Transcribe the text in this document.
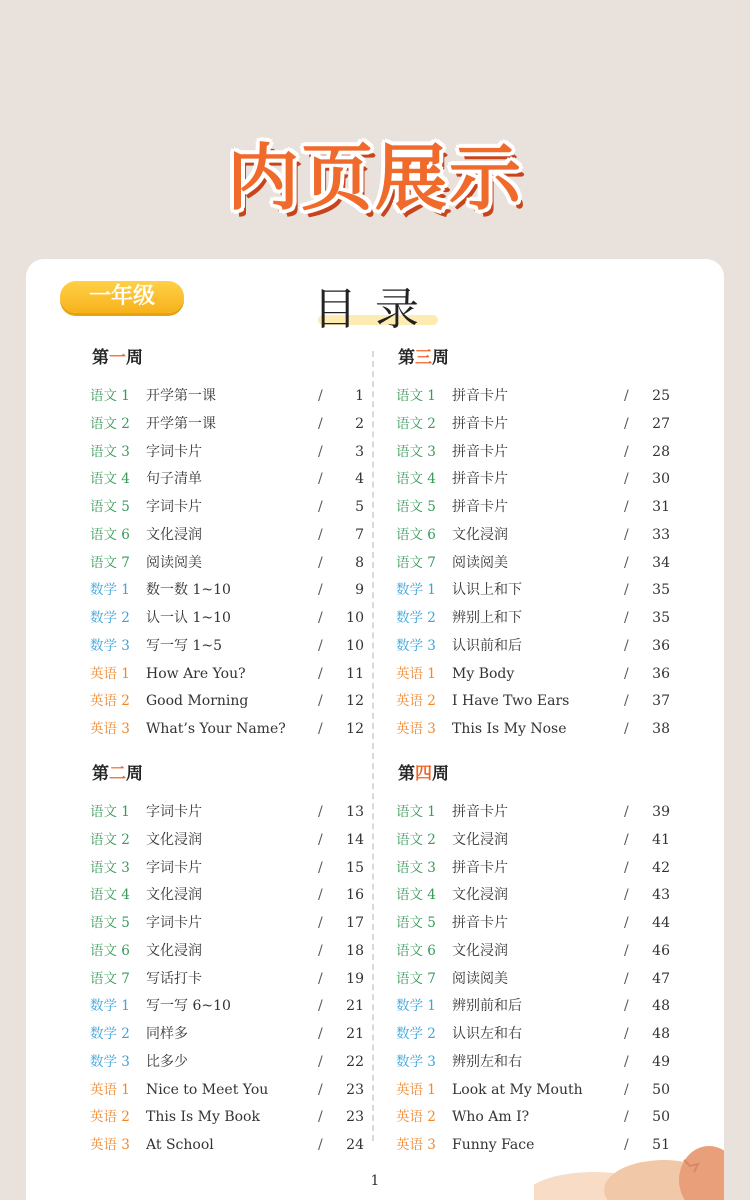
内页展示
一年级	目录
第一周
语文 1	开学第一课	/	1
语文 2	开学第一课	/	2
语文 3	字词卡片	/	3
语文 4	句子清单	/	4
语文 5	字词卡片	/	5
语文 6	文化浸润	/	7
语文 7	阅读阅美	/	8
数学 1	数一数 1~10	/	9
数学 2	认一认 1~10	/	10
数学 3	写一写 1~5	/	10
英语 1	How Are You?	/	11
英语 2	Good Morning	/	12
英语 3	What’s Your Name?	/	12
第二周
语文 1	字词卡片	/	13
语文 2	文化浸润	/	14
语文 3	字词卡片	/	15
语文 4	文化浸润	/	16
语文 5	字词卡片	/	17
语文 6	文化浸润	/	18
语文 7	写话打卡	/	19
数学 1	写一写 6~10	/	21
数学 2	同样多	/	21
数学 3	比多少	/	22
英语 1	Nice to Meet You	/	23
英语 2	This Is My Book	/	23
英语 3	At School	/	24
第三周
语文 1	拼音卡片	/	25
语文 2	拼音卡片	/	27
语文 3	拼音卡片	/	28
语文 4	拼音卡片	/	30
语文 5	拼音卡片	/	31
语文 6	文化浸润	/	33
语文 7	阅读阅美	/	34
数学 1	认识上和下	/	35
数学 2	辨别上和下	/	35
数学 3	认识前和后	/	36
英语 1	My Body	/	36
英语 2	I Have Two Ears	/	37
英语 3	This Is My Nose	/	38
第四周
语文 1	拼音卡片	/	39
语文 2	文化浸润	/	41
语文 3	拼音卡片	/	42
语文 4	文化浸润	/	43
语文 5	拼音卡片	/	44
语文 6	文化浸润	/	46
语文 7	阅读阅美	/	47
数学 1	辨别前和后	/	48
数学 2	认识左和右	/	48
数学 3	辨别左和右	/	49
英语 1	Look at My Mouth	/	50
英语 2	Who Am I?	/	50
英语 3	Funny Face	/	51
1
